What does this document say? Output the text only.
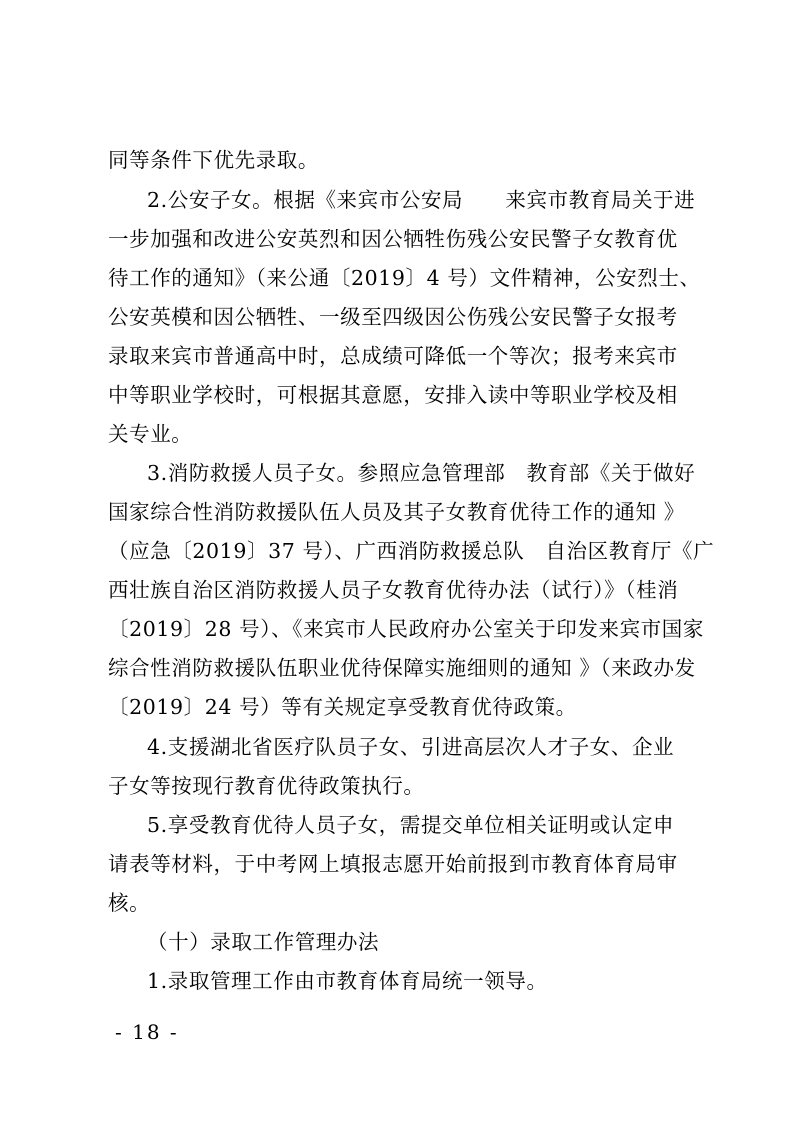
同等条件下优先录取。
2.公安子女。根据《来宾市公安局　　来宾市教育局关于进
一步加强和改进公安英烈和因公牺牲伤残公安民警子女教育优
待工作的通知》（来公通〔2019〕4 号）文件精神，公安烈士、
公安英模和因公牺牲、一级至四级因公伤残公安民警子女报考
录取来宾市普通高中时，总成绩可降低一个等次；报考来宾市
中等职业学校时，可根据其意愿，安排入读中等职业学校及相
关专业。
3.消防救援人员子女。参照应急管理部　教育部《关于做好
国家综合性消防救援队伍人员及其子女教育优待工作的通知 》
（应急〔2019〕37 号）、广西消防救援总队　自治区教育厅《广
西壮族自治区消防救援人员子女教育优待办法（试行）》（桂消
〔2019〕28 号）、《来宾市人民政府办公室关于印发来宾市国家
综合性消防救援队伍职业优待保障实施细则的通知 》（来政办发
〔2019〕24 号）等有关规定享受教育优待政策。
4.支援湖北省医疗队员子女、引进高层次人才子女、企业
子女等按现行教育优待政策执行。
5.享受教育优待人员子女，需提交单位相关证明或认定申
请表等材料，于中考网上填报志愿开始前报到市教育体育局审
核。
（十）录取工作管理办法
1.录取管理工作由市教育体育局统一领导。
- 18 -
